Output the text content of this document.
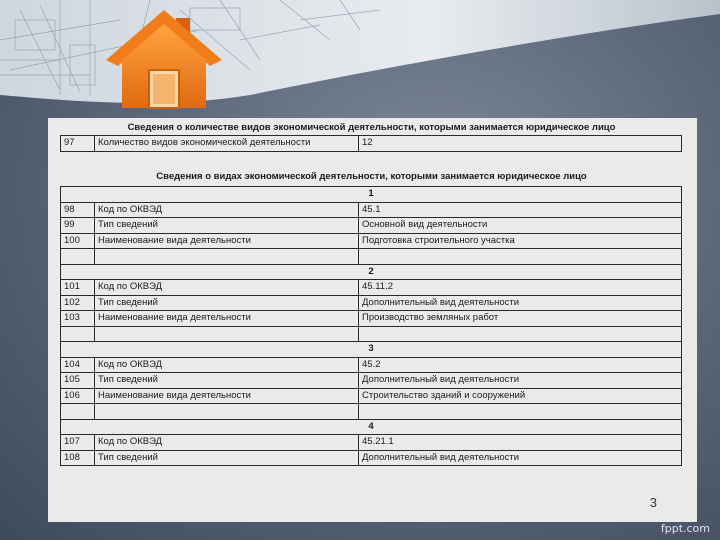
Сведения о количестве видов экономической деятельности, которыми занимается юридическое лицо
97	Количество видов экономической деятельности	12
Сведения о видах экономической деятельности, которыми занимается юридическое лицо
1		
98	Код по ОКВЭД	45.1
99	Тип сведений	Основной вид деятельности
100	Наименование вида деятельности	Подготовка строительного участка

2		
101	Код по ОКВЭД	45.11.2
102	Тип сведений	Дополнительный вид деятельности
103	Наименование вида деятельности	Производство земляных работ

3		
104	Код по ОКВЭД	45.2
105	Тип сведений	Дополнительный вид деятельности
106	Наименование вида деятельности	Строительство зданий и сооружений

4		
107	Код по ОКВЭД	45.21.1
108	Тип сведений	Дополнительный вид деятельности
3
fppt.com
